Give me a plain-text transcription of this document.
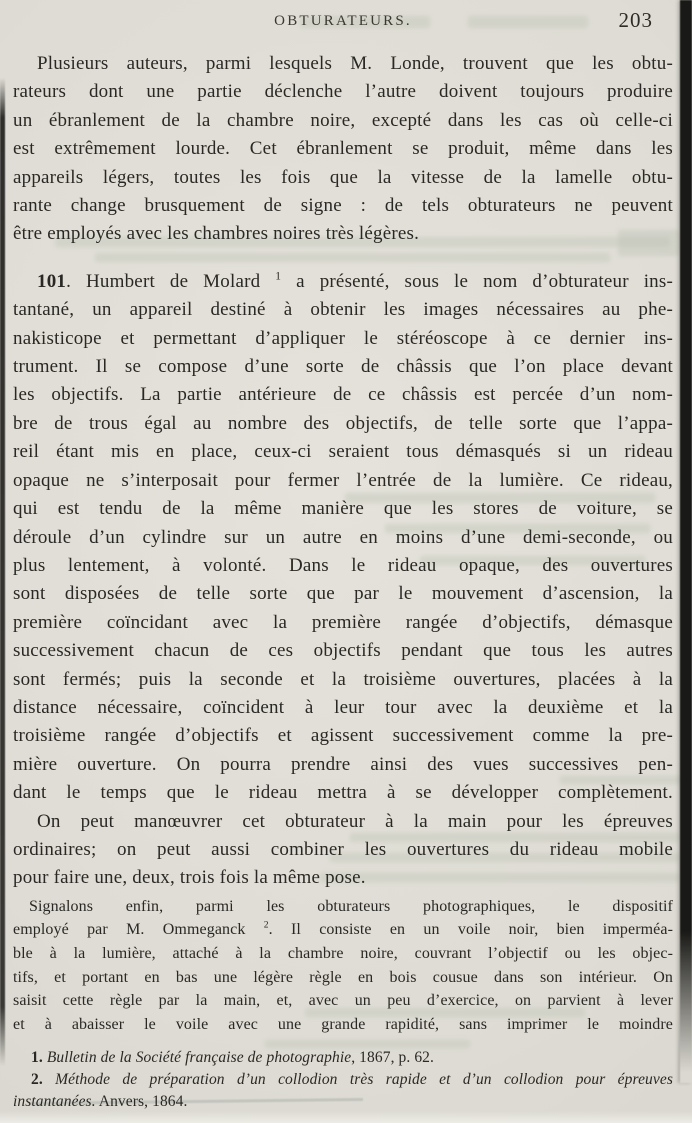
OBTURATEURS.	203
Plusieurs auteurs, parmi lesquels M. Londe, trouvent que les obtu-
rateurs dont une partie déclenche l’autre doivent toujours produire
un ébranlement de la chambre noire, excepté dans les cas où celle-ci
est extrêmement lourde. Cet ébranlement se produit, même dans les
appareils légers, toutes les fois que la vitesse de la lamelle obtu-
rante change brusquement de signe : de tels obturateurs ne peuvent
être employés avec les chambres noires très légères.
101. Humbert de Molard $^1$ a présenté, sous le nom d’obturateur ins-
tantané, un appareil destiné à obtenir les images nécessaires au phe-
nakisticope et permettant d’appliquer le stéréoscope à ce dernier ins-
trument. Il se compose d’une sorte de châssis que l’on place devant
les objectifs. La partie antérieure de ce châssis est percée d’un nom-
bre de trous égal au nombre des objectifs, de telle sorte que l’appa-
reil étant mis en place, ceux-ci seraient tous démasqués si un rideau
opaque ne s’interposait pour fermer l’entrée de la lumière. Ce rideau,
qui est tendu de la même manière que les stores de voiture, se
déroule d’un cylindre sur un autre en moins d’une demi-seconde, ou
plus lentement, à volonté. Dans le rideau opaque, des ouvertures
sont disposées de telle sorte que par le mouvement d’ascension, la
première coïncidant avec la première rangée d’objectifs, démasque
successivement chacun de ces objectifs pendant que tous les autres
sont fermés; puis la seconde et la troisième ouvertures, placées à la
distance nécessaire, coïncident à leur tour avec la deuxième et la
troisième rangée d’objectifs et agissent successivement comme la pre-
mière ouverture. On pourra prendre ainsi des vues successives pen-
dant le temps que le rideau mettra à se développer complètement.
On peut manœuvrer cet obturateur à la main pour les épreuves
ordinaires; on peut aussi combiner les ouvertures du rideau mobile
pour faire une, deux, trois fois la même pose.
Signalons enfin, parmi les obturateurs photographiques, le dispositif
employé par M. Ommeganck $^2$. Il consiste en un voile noir, bien imperméa-
ble à la lumière, attaché à la chambre noire, couvrant l’objectif ou les objec-
tifs, et portant en bas une légère règle en bois cousue dans son intérieur. On
saisit cette règle par la main, et, avec un peu d’exercice, on parvient à lever
et à abaisser le voile avec une grande rapidité, sans imprimer le moindre
1. Bulletin de la Société française de photographie, 1867, p. 62.
2. Méthode de préparation d’un collodion très rapide et d’un collodion pour épreuves
instantanées. Anvers, 1864.
